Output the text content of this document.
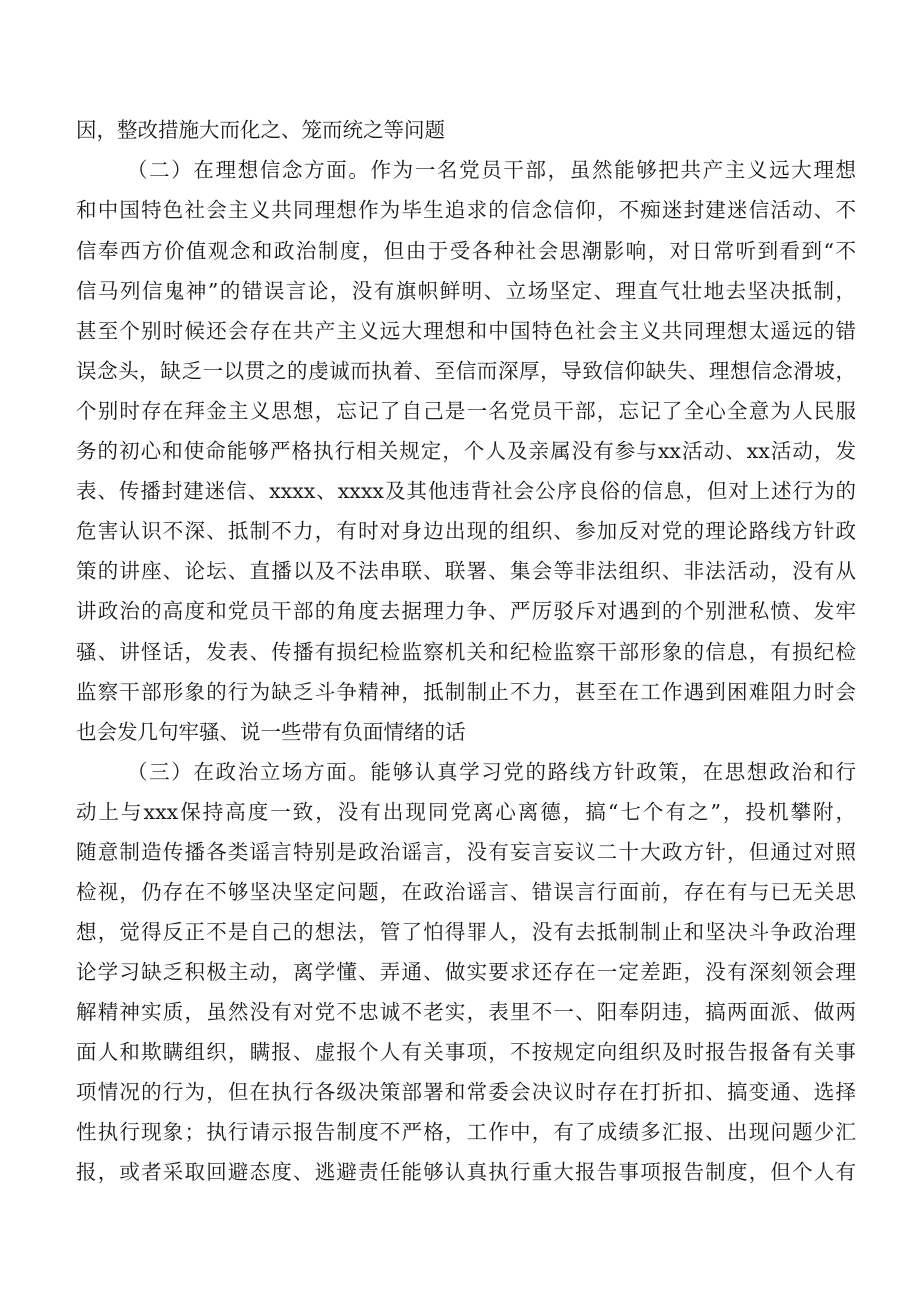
因，整改措施大而化之、笼而统之等问题
（二）在理想信念方面。作为一名党员干部，虽然能够把共产主义远大理想
和中国特色社会主义共同理想作为毕生追求的信念信仰，不痴迷封建迷信活动、不
信奉西方价值观念和政治制度，但由于受各种社会思潮影响，对日常听到看到“不
信马列信鬼神”的错误言论，没有旗帜鲜明、立场坚定、理直气壮地去坚决抵制，
甚至个别时候还会存在共产主义远大理想和中国特色社会主义共同理想太遥远的错
误念头，缺乏一以贯之的虔诚而执着、至信而深厚，导致信仰缺失、理想信念滑坡，
个别时存在拜金主义思想，忘记了自己是一名党员干部，忘记了全心全意为人民服
务的初心和使命能够严格执行相关规定，个人及亲属没有参与xx活动、xx活动，发
表、传播封建迷信、xxxx、xxxx及其他违背社会公序良俗的信息，但对上述行为的
危害认识不深、抵制不力，有时对身边出现的组织、参加反对党的理论路线方针政
策的讲座、论坛、直播以及不法串联、联署、集会等非法组织、非法活动，没有从
讲政治的高度和党员干部的角度去据理力争、严厉驳斥对遇到的个别泄私愤、发牢
骚、讲怪话，发表、传播有损纪检监察机关和纪检监察干部形象的信息，有损纪检
监察干部形象的行为缺乏斗争精神，抵制制止不力，甚至在工作遇到困难阻力时会
也会发几句牢骚、说一些带有负面情绪的话
（三）在政治立场方面。能够认真学习党的路线方针政策，在思想政治和行
动上与xxx保持高度一致，没有出现同党离心离德，搞“七个有之”，投机攀附，
随意制造传播各类谣言特别是政治谣言，没有妄言妄议二十大政方针，但通过对照
检视，仍存在不够坚决坚定问题，在政治谣言、错误言行面前，存在有与已无关思
想，觉得反正不是自己的想法，管了怕得罪人，没有去抵制制止和坚决斗争政治理
论学习缺乏积极主动，离学懂、弄通、做实要求还存在一定差距，没有深刻领会理
解精神实质，虽然没有对党不忠诚不老实，表里不一、阳奉阴违，搞两面派、做两
面人和欺瞒组织，瞒报、虚报个人有关事项，不按规定向组织及时报告报备有关事
项情况的行为，但在执行各级决策部署和常委会决议时存在打折扣、搞变通、选择
性执行现象；执行请示报告制度不严格，工作中，有了成绩多汇报、出现问题少汇
报，或者采取回避态度、逃避责任能够认真执行重大报告事项报告制度，但个人有
